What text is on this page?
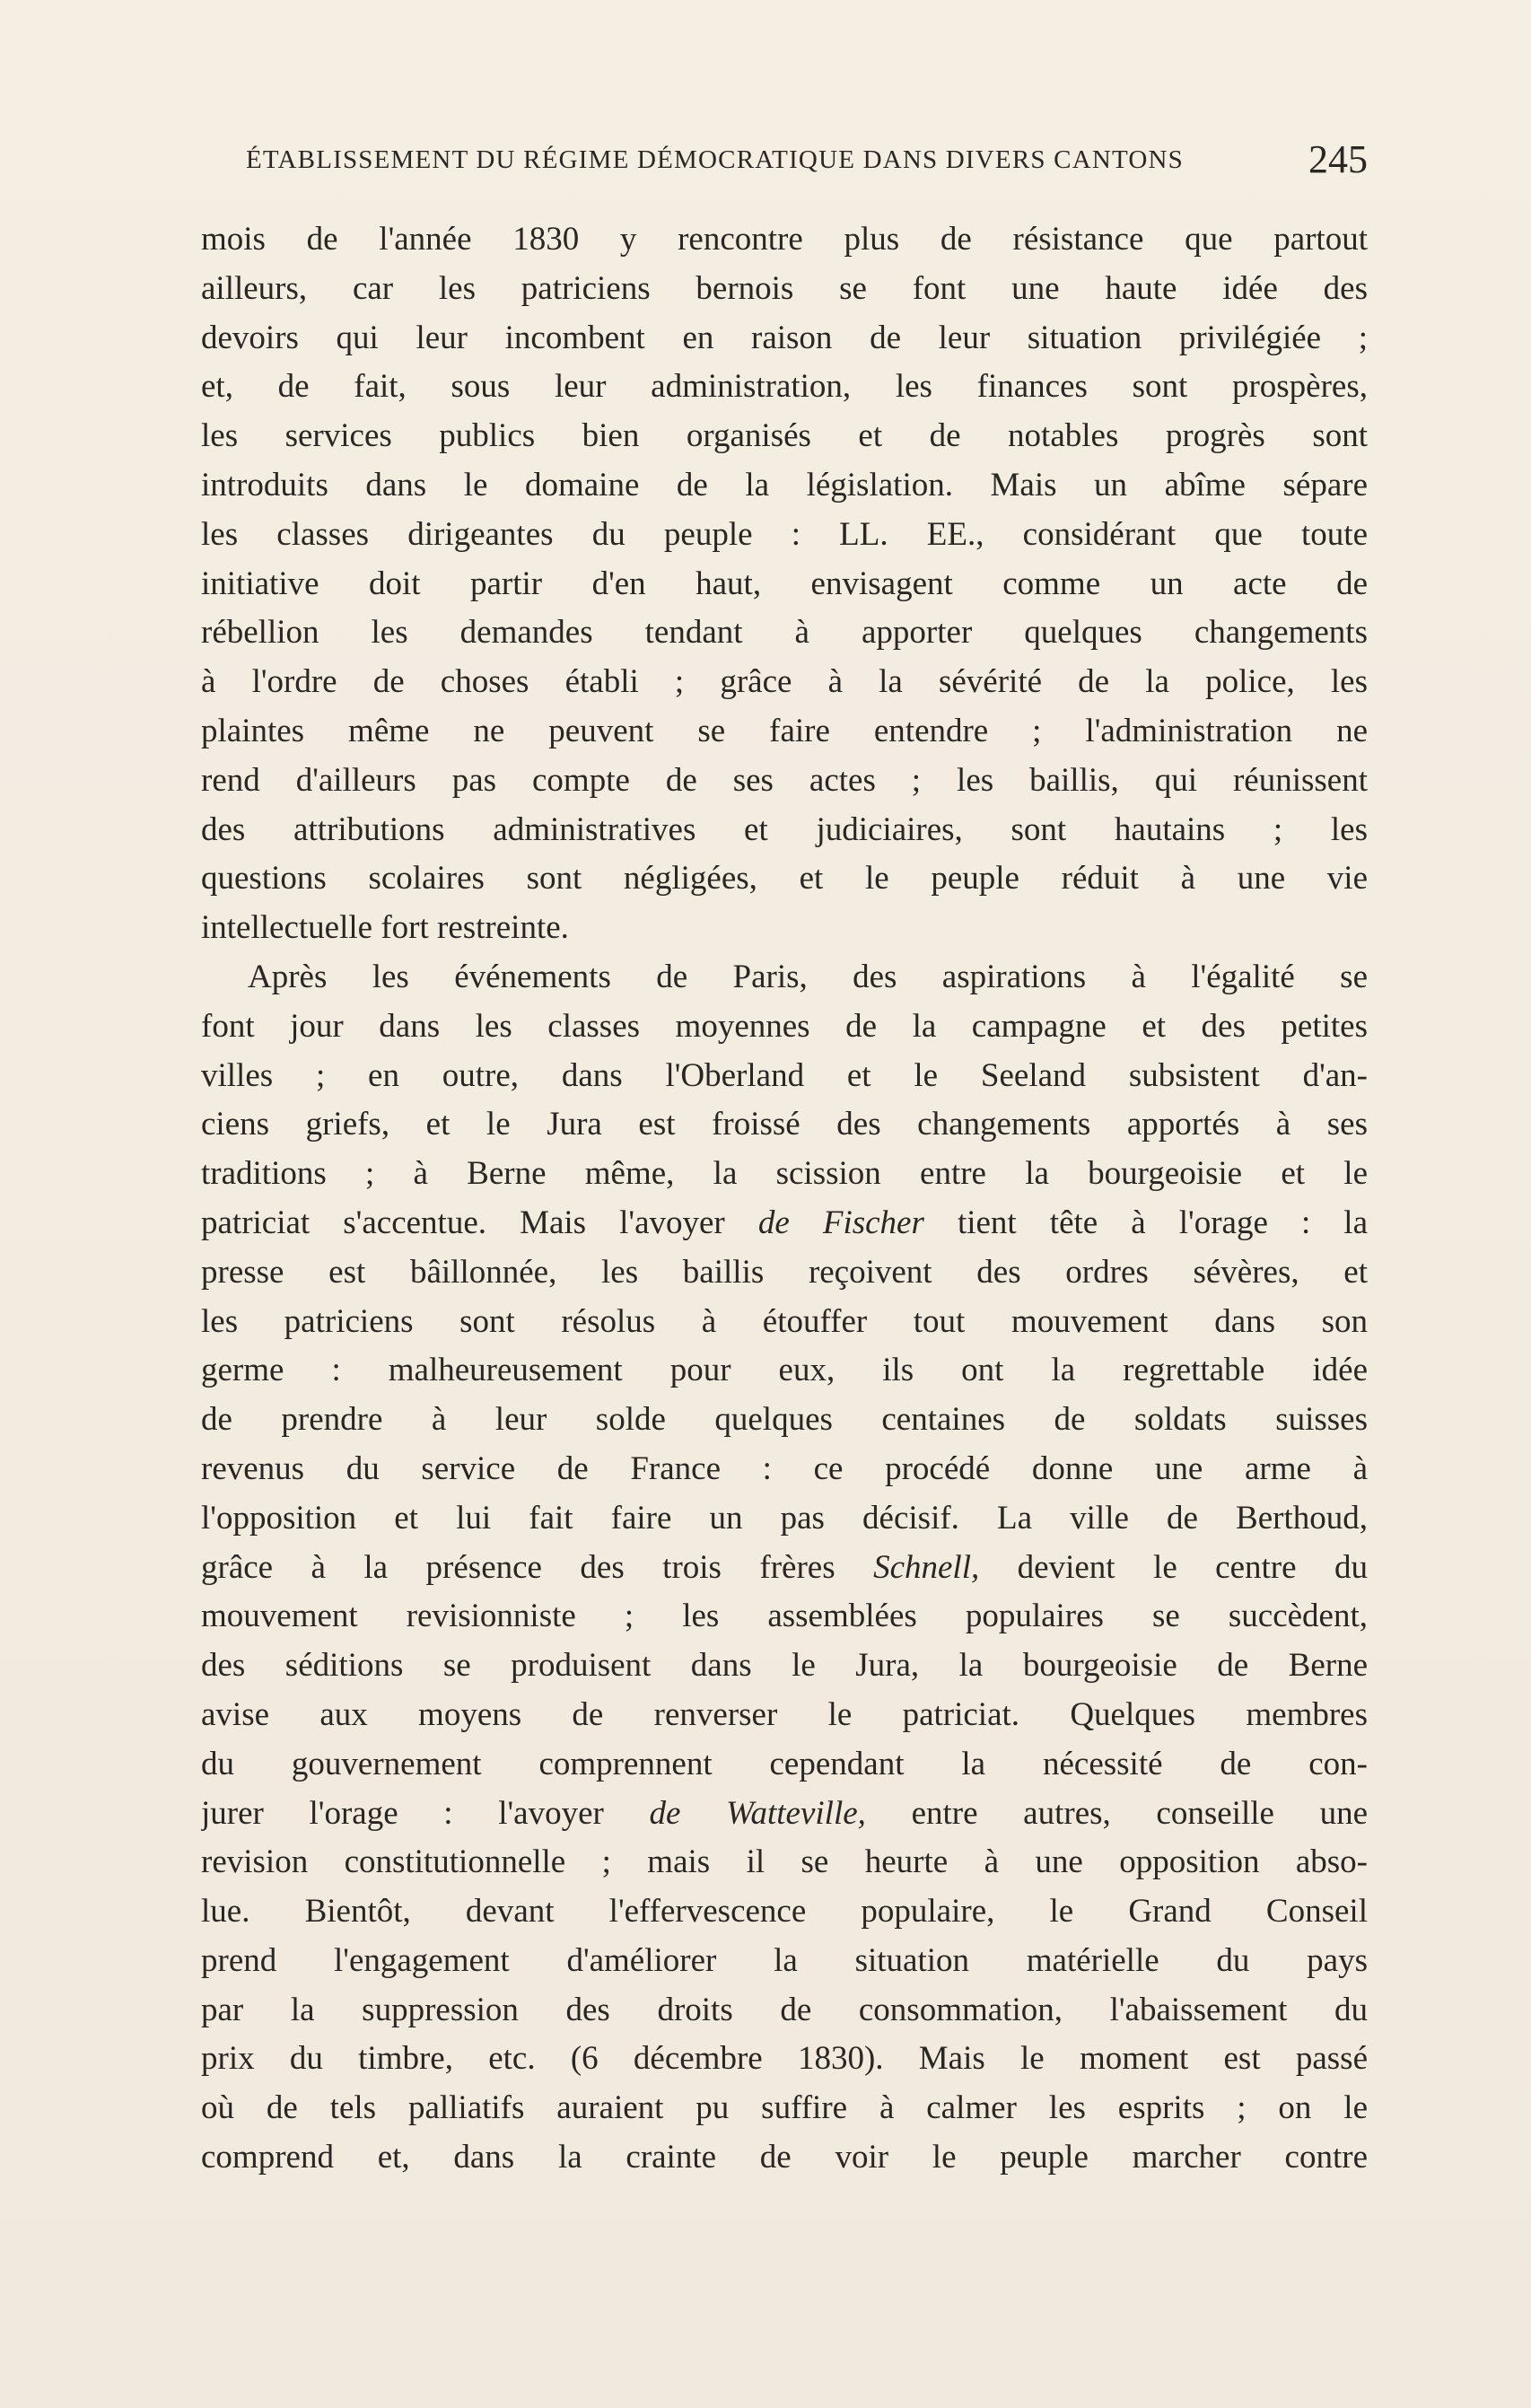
ÉTABLISSEMENT DU RÉGIME DÉMOCRATIQUE DANS DIVERS CANTONS	245
mois de l'année 1830 y rencontre plus de résistance que partout
ailleurs, car les patriciens bernois se font une haute idée des
devoirs qui leur incombent en raison de leur situation privilégiée ;
et, de fait, sous leur administration, les finances sont prospères,
les services publics bien organisés et de notables progrès sont
introduits dans le domaine de la législation. Mais un abîme sépare
les classes dirigeantes du peuple : LL. EE., considérant que toute
initiative doit partir d'en haut, envisagent comme un acte de
rébellion les demandes tendant à apporter quelques changements
à l'ordre de choses établi ; grâce à la sévérité de la police, les
plaintes même ne peuvent se faire entendre ; l'administration ne
rend d'ailleurs pas compte de ses actes ; les baillis, qui réunissent
des attributions administratives et judiciaires, sont hautains ; les
questions scolaires sont négligées, et le peuple réduit à une vie
intellectuelle fort restreinte.
Après les événements de Paris, des aspirations à l'égalité se
font jour dans les classes moyennes de la campagne et des petites
villes ; en outre, dans l'Oberland et le Seeland subsistent d'an-
ciens griefs, et le Jura est froissé des changements apportés à ses
traditions ; à Berne même, la scission entre la bourgeoisie et le
patriciat s'accentue. Mais l'avoyer de Fischer tient tête à l'orage : la
presse est bâillonnée, les baillis reçoivent des ordres sévères, et
les patriciens sont résolus à étouffer tout mouvement dans son
germe : malheureusement pour eux, ils ont la regrettable idée
de prendre à leur solde quelques centaines de soldats suisses
revenus du service de France : ce procédé donne une arme à
l'opposition et lui fait faire un pas décisif. La ville de Berthoud,
grâce à la présence des trois frères Schnell, devient le centre du
mouvement revisionniste ; les assemblées populaires se succèdent,
des séditions se produisent dans le Jura, la bourgeoisie de Berne
avise aux moyens de renverser le patriciat. Quelques membres
du gouvernement comprennent cependant la nécessité de con-
jurer l'orage : l'avoyer de Watteville, entre autres, conseille une
revision constitutionnelle ; mais il se heurte à une opposition abso-
lue. Bientôt, devant l'effervescence populaire, le Grand Conseil
prend l'engagement d'améliorer la situation matérielle du pays
par la suppression des droits de consommation, l'abaissement du
prix du timbre, etc. (6 décembre 1830). Mais le moment est passé
où de tels palliatifs auraient pu suffire à calmer les esprits ; on le
comprend et, dans la crainte de voir le peuple marcher contre
